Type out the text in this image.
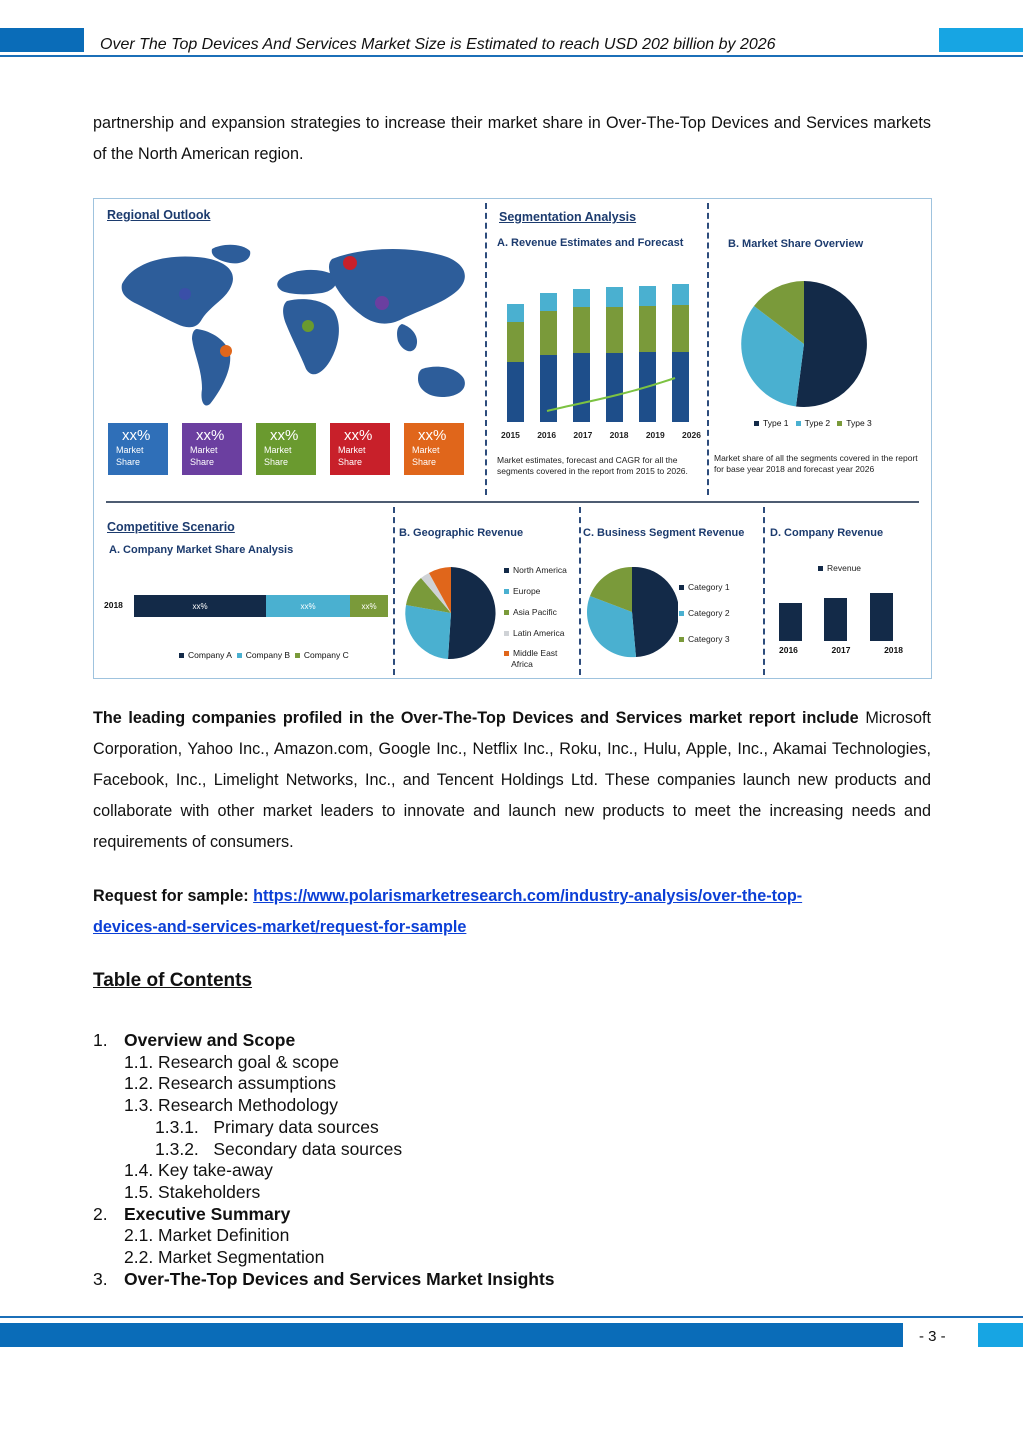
Over The Top Devices And Services Market Size is Estimated to reach USD 202 billion by 2026
partnership and expansion strategies to increase their market share in Over-The-Top Devices and Services markets of the North American region.
Regional Outlook
xx%
Market
Share
xx%
Market
Share
xx%
Market
Share
xx%
Market
Share
xx%
Market
Share
Segmentation Analysis
A. Revenue Estimates and Forecast
2015 2016 2017 2018 2019 2026
Market estimates, forecast and CAGR for all the segments covered in the report from 2015 to 2026.
B. Market Share Overview
Type 1 Type 2 Type 3
Market share of all the segments covered in the report for base year 2018 and forecast year 2026
Competitive Scenario
A. Company Market Share Analysis
2018	xx%	xx%	xx%
Company A Company B Company C
B. Geographic Revenue
North America
Europe
Asia Pacific
Latin America
Middle East
Africa
C. Business Segment Revenue
Category 1
Category 2
Category 3
D. Company Revenue
Revenue
2016	2017	2018
The leading companies profiled in the Over-The-Top Devices and Services market report include Microsoft Corporation, Yahoo Inc., Amazon.com, Google Inc., Netflix Inc., Roku, Inc., Hulu, Apple, Inc., Akamai Technologies, Facebook, Inc., Limelight Networks, Inc., and Tencent Holdings Ltd. These companies launch new products and collaborate with other market leaders to innovate and launch new products to meet the increasing needs and requirements of consumers.
Request for sample: https://www.polarismarketresearch.com/industry-analysis/over-the-top-
devices-and-services-market/request-for-sample
Table of Contents
1. Overview and Scope
1.1. Research goal & scope
1.2. Research assumptions
1.3. Research Methodology
1.3.1.   Primary data sources
1.3.2.   Secondary data sources
1.4. Key take-away
1.5. Stakeholders
2. Executive Summary
2.1. Market Definition
2.2. Market Segmentation
3. Over-The-Top Devices and Services Market Insights
- 3 -
